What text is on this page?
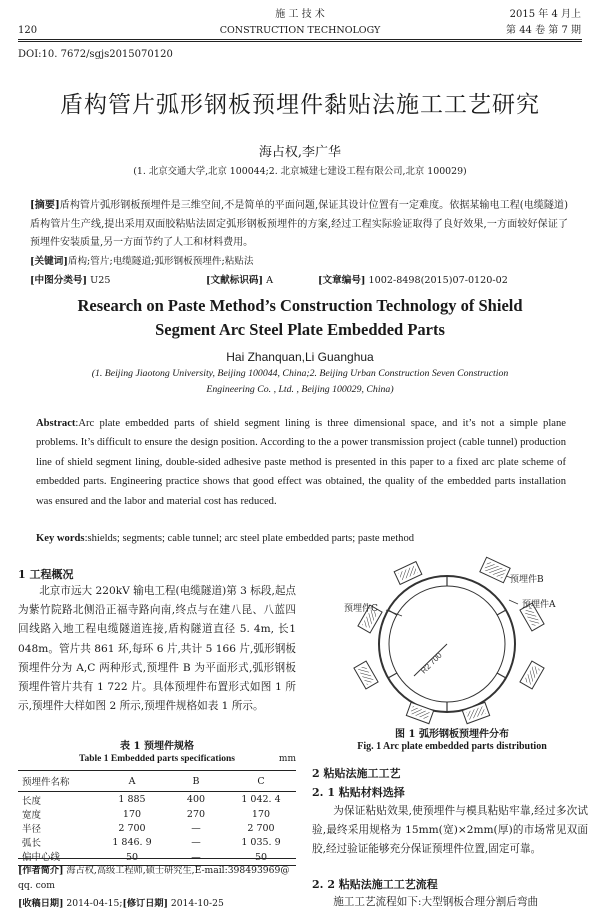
施 工 技 术	2015 年 4 月上
120	CONSTRUCTION TECHNOLOGY	第 44 卷 第 7 期
DOI:10. 7672/sgjs2015070120
盾构管片弧形钢板预埋件黏贴法施工工艺研究
海占权,李广华
(1. 北京交通大学,北京 100044;2. 北京城建七建设工程有限公司,北京 100029)
[摘要]盾构管片弧形钢板预埋件是三维空间,不是简单的平面问题,保证其设计位置有一定难度。依据某输电工程(电缆隧道)盾构管片生产线,提出采用双面胶粘贴法固定弧形钢板预埋件的方案,经过工程实际验证取得了良好效果,一方面较好保证了预埋件安装质量,另一方面节约了人工和材料费用。
[关键词]盾构;管片;电缆隧道;弧形钢板预埋件;粘贴法
[中图分类号] U25	[文献标识码] A	[文章编号] 1002-8498(2015)07-0120-02
Research on Paste Method’s Construction Technology of Shield
Segment Arc Steel Plate Embedded Parts
Hai Zhanquan,Li Guanghua
(1. Beijing Jiaotong University, Beijing 100044, China;2. Beijing Urban Construction Seven Construction
Engineering Co. , Ltd. , Beijing 100029, China)
Abstract:Arc plate embedded parts of shield segment lining is three dimensional space, and it’s not a simple plane problems. It’s difficult to ensure the design position. According to the a power transmission project (cable tunnel) production line of shield segment lining, double-sided adhesive paste method is presented in this paper to a fixed arc plate scheme of embedded parts. Engineering practice shows that good effect was obtained, the quality of the embedded parts installation was ensured and the labor and material cost has reduced.
Key words:shields; segments; cable tunnel; arc steel plate embedded parts; paste method
1 工程概况
北京市远大 220kV 输电工程(电缆隧道)第 3 标段,起点为紫竹院路北侧沿正福寺路向南,终点与在建八昆、八蓝四回线路入地工程电缆隧道连接,盾构隧道直径 5. 4m, 长1 048m。管片共 861 环,每环 6 片,共计 5 166 片,弧形钢板预埋件分为 A,C 两种形式,预埋件 B 为平面形式,弧形钢板预埋件管片共有 1 722 片。具体预埋件布置形式如图 1 所示,预埋件大样如图 2 所示,预埋件规格如表 1 所示。
表 1 预埋件规格
Table 1 Embedded parts specifications	mm
预埋件名称	A	B	C
长度	1 885	400	1 042. 4
宽度	170	270	170
半径	2 700	—	2 700
弧长	1 846. 9	—	1 035. 9
偏中心线	50	—	50
[作者简介] 海占权,高级工程师,硕士研究生,E-mail:398493969@
qq. com
[收稿日期] 2014-04-15;[修订日期] 2014-10-25
R2 700
预埋件B
预埋件A
预埋件C
图 1 弧形钢板预埋件分布
Fig. 1 Arc plate embedded parts distribution
2 粘贴法施工工艺
2. 1 粘贴材料选择
为保证粘贴效果,使预埋件与模具粘贴牢靠,经过多次试验,最终采用规格为 15mm(宽)×2mm(厚)的市场常见双面胶,经过验证能够充分保证预埋件位置,固定可靠。
2. 2 粘贴法施工工艺流程
施工工艺流程如下:大型钢板合理分割后弯曲
